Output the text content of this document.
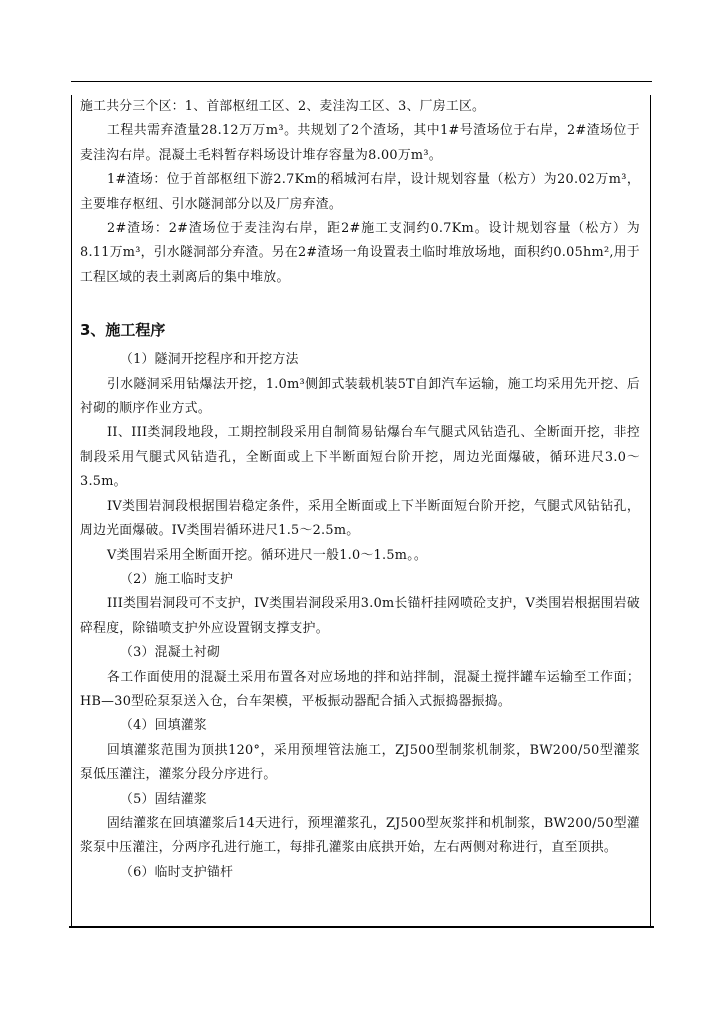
施工共分三个区：1、首部枢纽工区、2、麦洼沟工区、3、厂房工区。

工程共需弃渣量28.12万万m³。共规划了2个渣场，其中1#号渣场位于右岸，2#渣场位于麦洼沟右岸。混凝土毛料暂存料场设计堆存容量为8.00万m³。

1#渣场：位于首部枢纽下游2.7Km的稻城河右岸，设计规划容量（松方）为20.02万m³，主要堆存枢纽、引水隧洞部分以及厂房弃渣。

2#渣场：2#渣场位于麦洼沟右岸，距2#施工支洞约0.7Km。设计规划容量（松方）为8.11万m³，引水隧洞部分弃渣。另在2#渣场一角设置表土临时堆放场地，面积约0.05hm²,用于工程区域的表土剥离后的集中堆放。

3、施工程序

（1）隧洞开挖程序和开挖方法

引水隧洞采用钻爆法开挖，1.0m³侧卸式装载机装5T自卸汽车运输，施工均采用先开挖、后衬砌的顺序作业方式。

II、III类洞段地段，工期控制段采用自制简易钻爆台车气腿式风钻造孔、全断面开挖，非控制段采用气腿式风钻造孔，全断面或上下半断面短台阶开挖，周边光面爆破，循环进尺3.0～3.5m。

IV类围岩洞段根据围岩稳定条件，采用全断面或上下半断面短台阶开挖，气腿式风钻钻孔，周边光面爆破。IV类围岩循环进尺1.5～2.5m。

V类围岩采用全断面开挖。循环进尺一般1.0～1.5m。。

（2）施工临时支护

III类围岩洞段可不支护，IV类围岩洞段采用3.0m长锚杆挂网喷砼支护，V类围岩根据围岩破碎程度，除锚喷支护外应设置钢支撑支护。

（3）混凝土衬砌

各工作面使用的混凝土采用布置各对应场地的拌和站拌制，混凝土搅拌罐车运输至工作面；HB—30型砼泵泵送入仓，台车架模，平板振动器配合插入式振捣器振捣。

（4）回填灌浆

回填灌浆范围为顶拱120°，采用预埋管法施工，ZJ500型制浆机制浆，BW200/50型灌浆泵低压灌注，灌浆分段分序进行。

（5）固结灌浆

固结灌浆在回填灌浆后14天进行，预埋灌浆孔，ZJ500型灰浆拌和机制浆，BW200/50型灌浆泵中压灌注，分两序孔进行施工，每排孔灌浆由底拱开始，左右两侧对称进行，直至顶拱。

（6）临时支护锚杆
